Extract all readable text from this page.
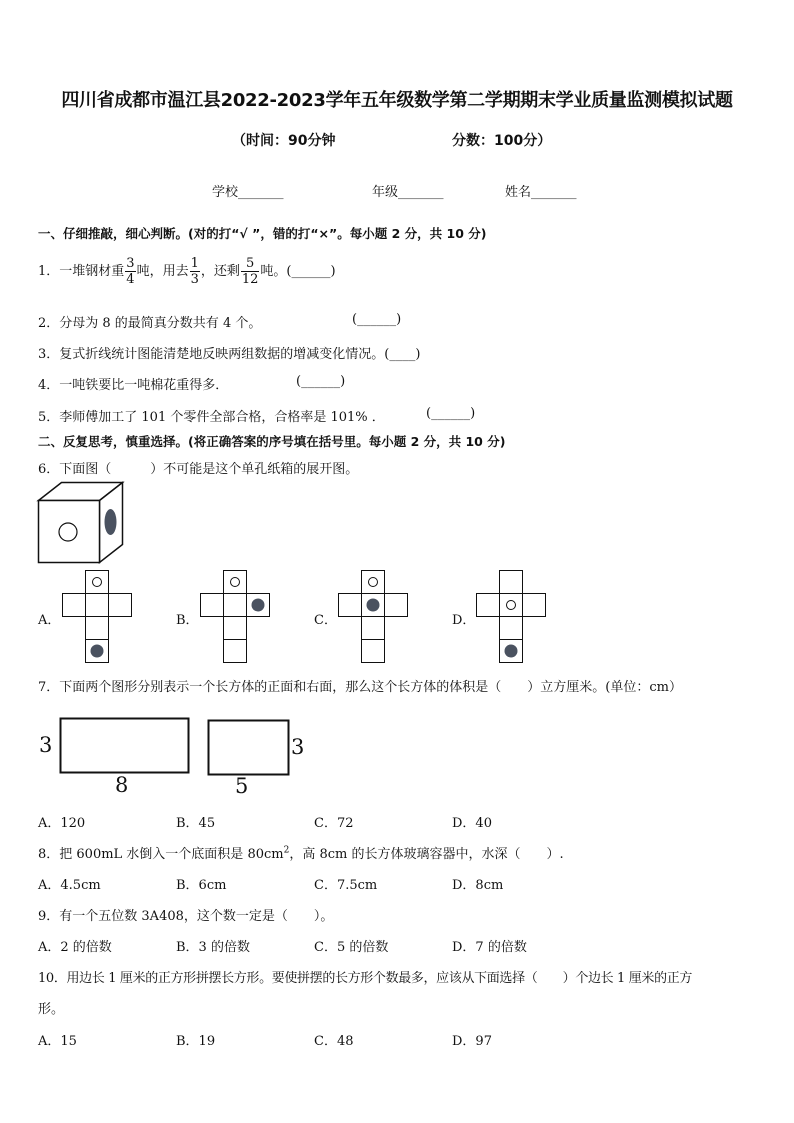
四川省成都市温江县2022-2023学年五年级数学第二学期期末学业质量监测模拟试题
（时间：90分钟	分数：100分）
学校_______	年级_______	姓名_______
一、仔细推敲，细心判断。(对的打“√ ”，错的打“×”。每小题 2 分，共 10 分)
1．一堆钢材重 $\frac{3}{4}$ 吨，用去 $\frac{1}{3}$ ，还剩 $\frac{5}{12}$ 吨。(______)
2．分母为 8 的最简真分数共有 4 个。	(______)
3．复式折线统计图能清楚地反映两组数据的增减变化情况。(____)
4．一吨铁要比一吨棉花重得多．	(______)
5．李师傅加工了 101 个零件全部合格，合格率是 101% ．	(______)
二、反复思考，慎重选择。(将正确答案的序号填在括号里。每小题 2 分，共 10 分)
6．下面图（　　　）不可能是这个单孔纸箱的展开图。
A．	B．	C．	D．
7．下面两个图形分别表示一个长方体的正面和右面，那么这个长方体的体积是（　　）立方厘米。(单位：cm）
3
8
3
5
A．120	B．45	C．72	D．40
8．把 600mL 水倒入一个底面积是 $80cm^2$，高 8cm 的长方体玻璃容器中，水深（　　）.
A．4.5cm	B．6cm	C．7.5cm	D．8cm
9．有一个五位数 3A408，这个数一定是（　　）。
A．2 的倍数	B．3 的倍数	C．5 的倍数	D．7 的倍数
10．用边长 1 厘米的正方形拼摆长方形。要使拼摆的长方形个数最多，应该从下面选择（　　）个边长 1 厘米的正方
形。
A．15	B．19	C．48	D．97
